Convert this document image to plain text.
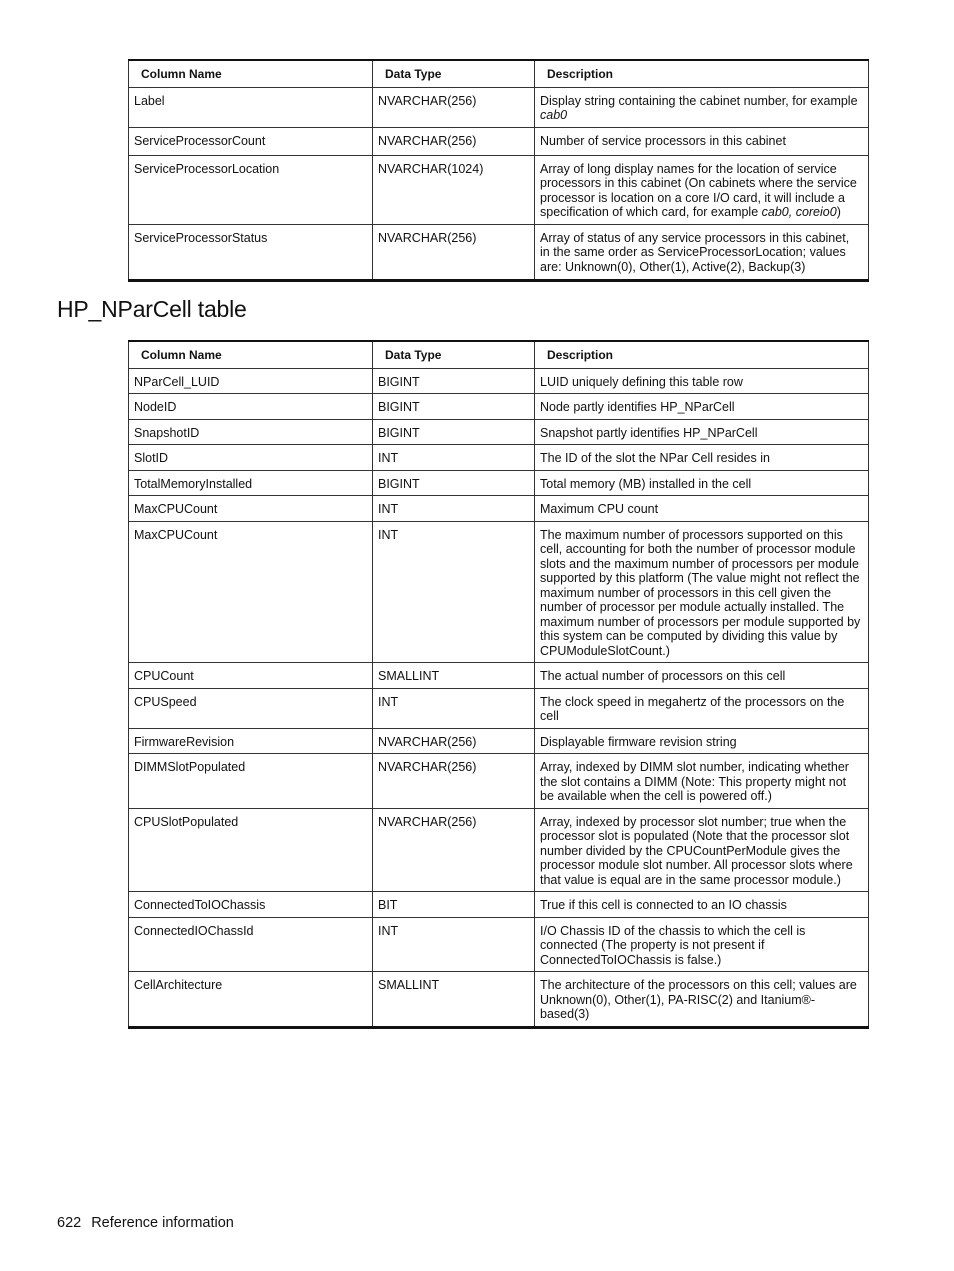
Column Name	Data Type	Description
Label	NVARCHAR(256)	Display string containing the cabinet number, for example cab0
ServiceProcessorCount	NVARCHAR(256)	Number of service processors in this cabinet
ServiceProcessorLocation	NVARCHAR(1024)	Array of long display names for the location of service processors in this cabinet (On cabinets where the service processor is location on a core I/O card, it will include a specification of which card, for example cab0, coreio0)
ServiceProcessorStatus	NVARCHAR(256)	Array of status of any service processors in this cabinet, in the same order as ServiceProcessorLocation; values are: Unknown(0), Other(1), Active(2), Backup(3)
HP_NParCell table
Column Name	Data Type	Description
NParCell_LUID	BIGINT	LUID uniquely defining this table row
NodeID	BIGINT	Node partly identifies HP_NParCell
SnapshotID	BIGINT	Snapshot partly identifies HP_NParCell
SlotID	INT	The ID of the slot the NPar Cell resides in
TotalMemoryInstalled	BIGINT	Total memory (MB) installed in the cell
MaxCPUCount	INT	Maximum CPU count
MaxCPUCount	INT	The maximum number of processors supported on this cell, accounting for both the number of processor module slots and the maximum number of processors per module supported by this platform (The value might not reflect the maximum number of processors in this cell given the number of processor per module actually installed. The maximum number of processors per module supported by this system can be computed by dividing this value by CPUModuleSlotCount.)
CPUCount	SMALLINT	The actual number of processors on this cell
CPUSpeed	INT	The clock speed in megahertz of the processors on the cell
FirmwareRevision	NVARCHAR(256)	Displayable firmware revision string
DIMMSlotPopulated	NVARCHAR(256)	Array, indexed by DIMM slot number, indicating whether the slot contains a DIMM (Note: This property might not be available when the cell is powered off.)
CPUSlotPopulated	NVARCHAR(256)	Array, indexed by processor slot number; true when the processor slot is populated (Note that the processor slot number divided by the CPUCountPerModule gives the processor module slot number. All processor slots where that value is equal are in the same processor module.)
ConnectedToIOChassis	BIT	True if this cell is connected to an IO chassis
ConnectedIOChassId	INT	I/O Chassis ID of the chassis to which the cell is connected (The property is not present if ConnectedToIOChassis is false.)
CellArchitecture	SMALLINT	The architecture of the processors on this cell; values are Unknown(0), Other(1), PA-RISC(2) and Itanium®-based(3)
622 Reference information
